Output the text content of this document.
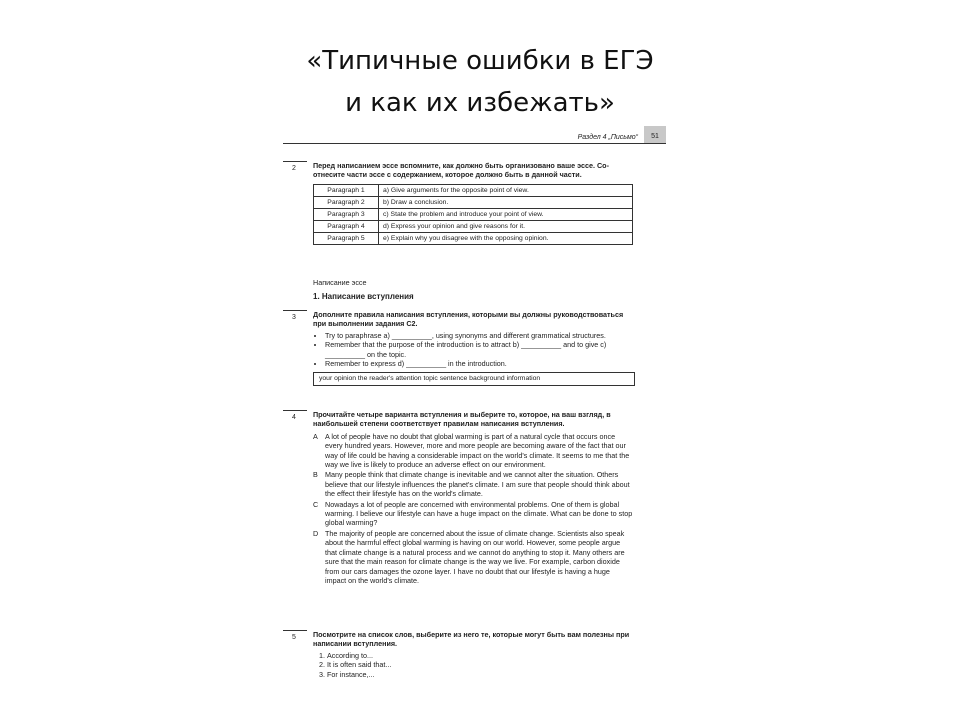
«Типичные ошибки в ЕГЭ
и как их избежать»
Раздел 4 „Письмо“	51
2	Перед написанием эссе вспомните, как должно быть организовано ваше эссе. Со-отнесите части эссе с содержанием, которое должно быть в данной части.
Paragraph 1	a) Give arguments for the opposite point of view.
Paragraph 2	b) Draw a conclusion.
Paragraph 3	c) State the problem and introduce your point of view.
Paragraph 4	d) Express your opinion and give reasons for it.
Paragraph 5	e) Explain why you disagree with the opposing opinion.
Написание эссе
1. Написание вступления
3	Дополните правила написания вступления, которыми вы должны руководствоваться при выполнении задания С2.
• Try to paraphrase a) __________, using synonyms and different grammatical structures.
• Remember that the purpose of the introduction is to attract b) __________ and to give c) __________ on the topic.
• Remember to express d) __________ in the introduction.
your opinion the reader's attention topic sentence background information
4	Прочитайте четыре варианта вступления и выберите то, которое, на ваш взгляд, в наибольшей степени соответствует правилам написания вступления.
A A lot of people have no doubt that global warming is part of a natural cycle that occurs once every hundred years. However, more and more people are becoming aware of the fact that our way of life could be having a considerable impact on the world's climate. It seems to me that the way we live is likely to produce an adverse effect on our environment.
B Many people think that climate change is inevitable and we cannot alter the situation. Others believe that our lifestyle influences the planet's climate. I am sure that people should think about the effect their lifestyle has on the world's climate.
C Nowadays a lot of people are concerned with environmental problems. One of them is global warming. I believe our lifestyle can have a huge impact on the climate. What can be done to stop global warming?
D The majority of people are concerned about the issue of climate change. Scientists also speak about the harmful effect global warming is having on our world. However, some people argue that climate change is a natural process and we cannot do anything to stop it. Many others are sure that the main reason for climate change is the way we live. For example, carbon dioxide from our cars damages the ozone layer. I have no doubt that our lifestyle is having a huge impact on the world's climate.
5	Посмотрите на список слов, выберите из него те, которые могут быть вам полезны при написании вступления.
1. According to...
2. It is often said that...
3. For instance,...
